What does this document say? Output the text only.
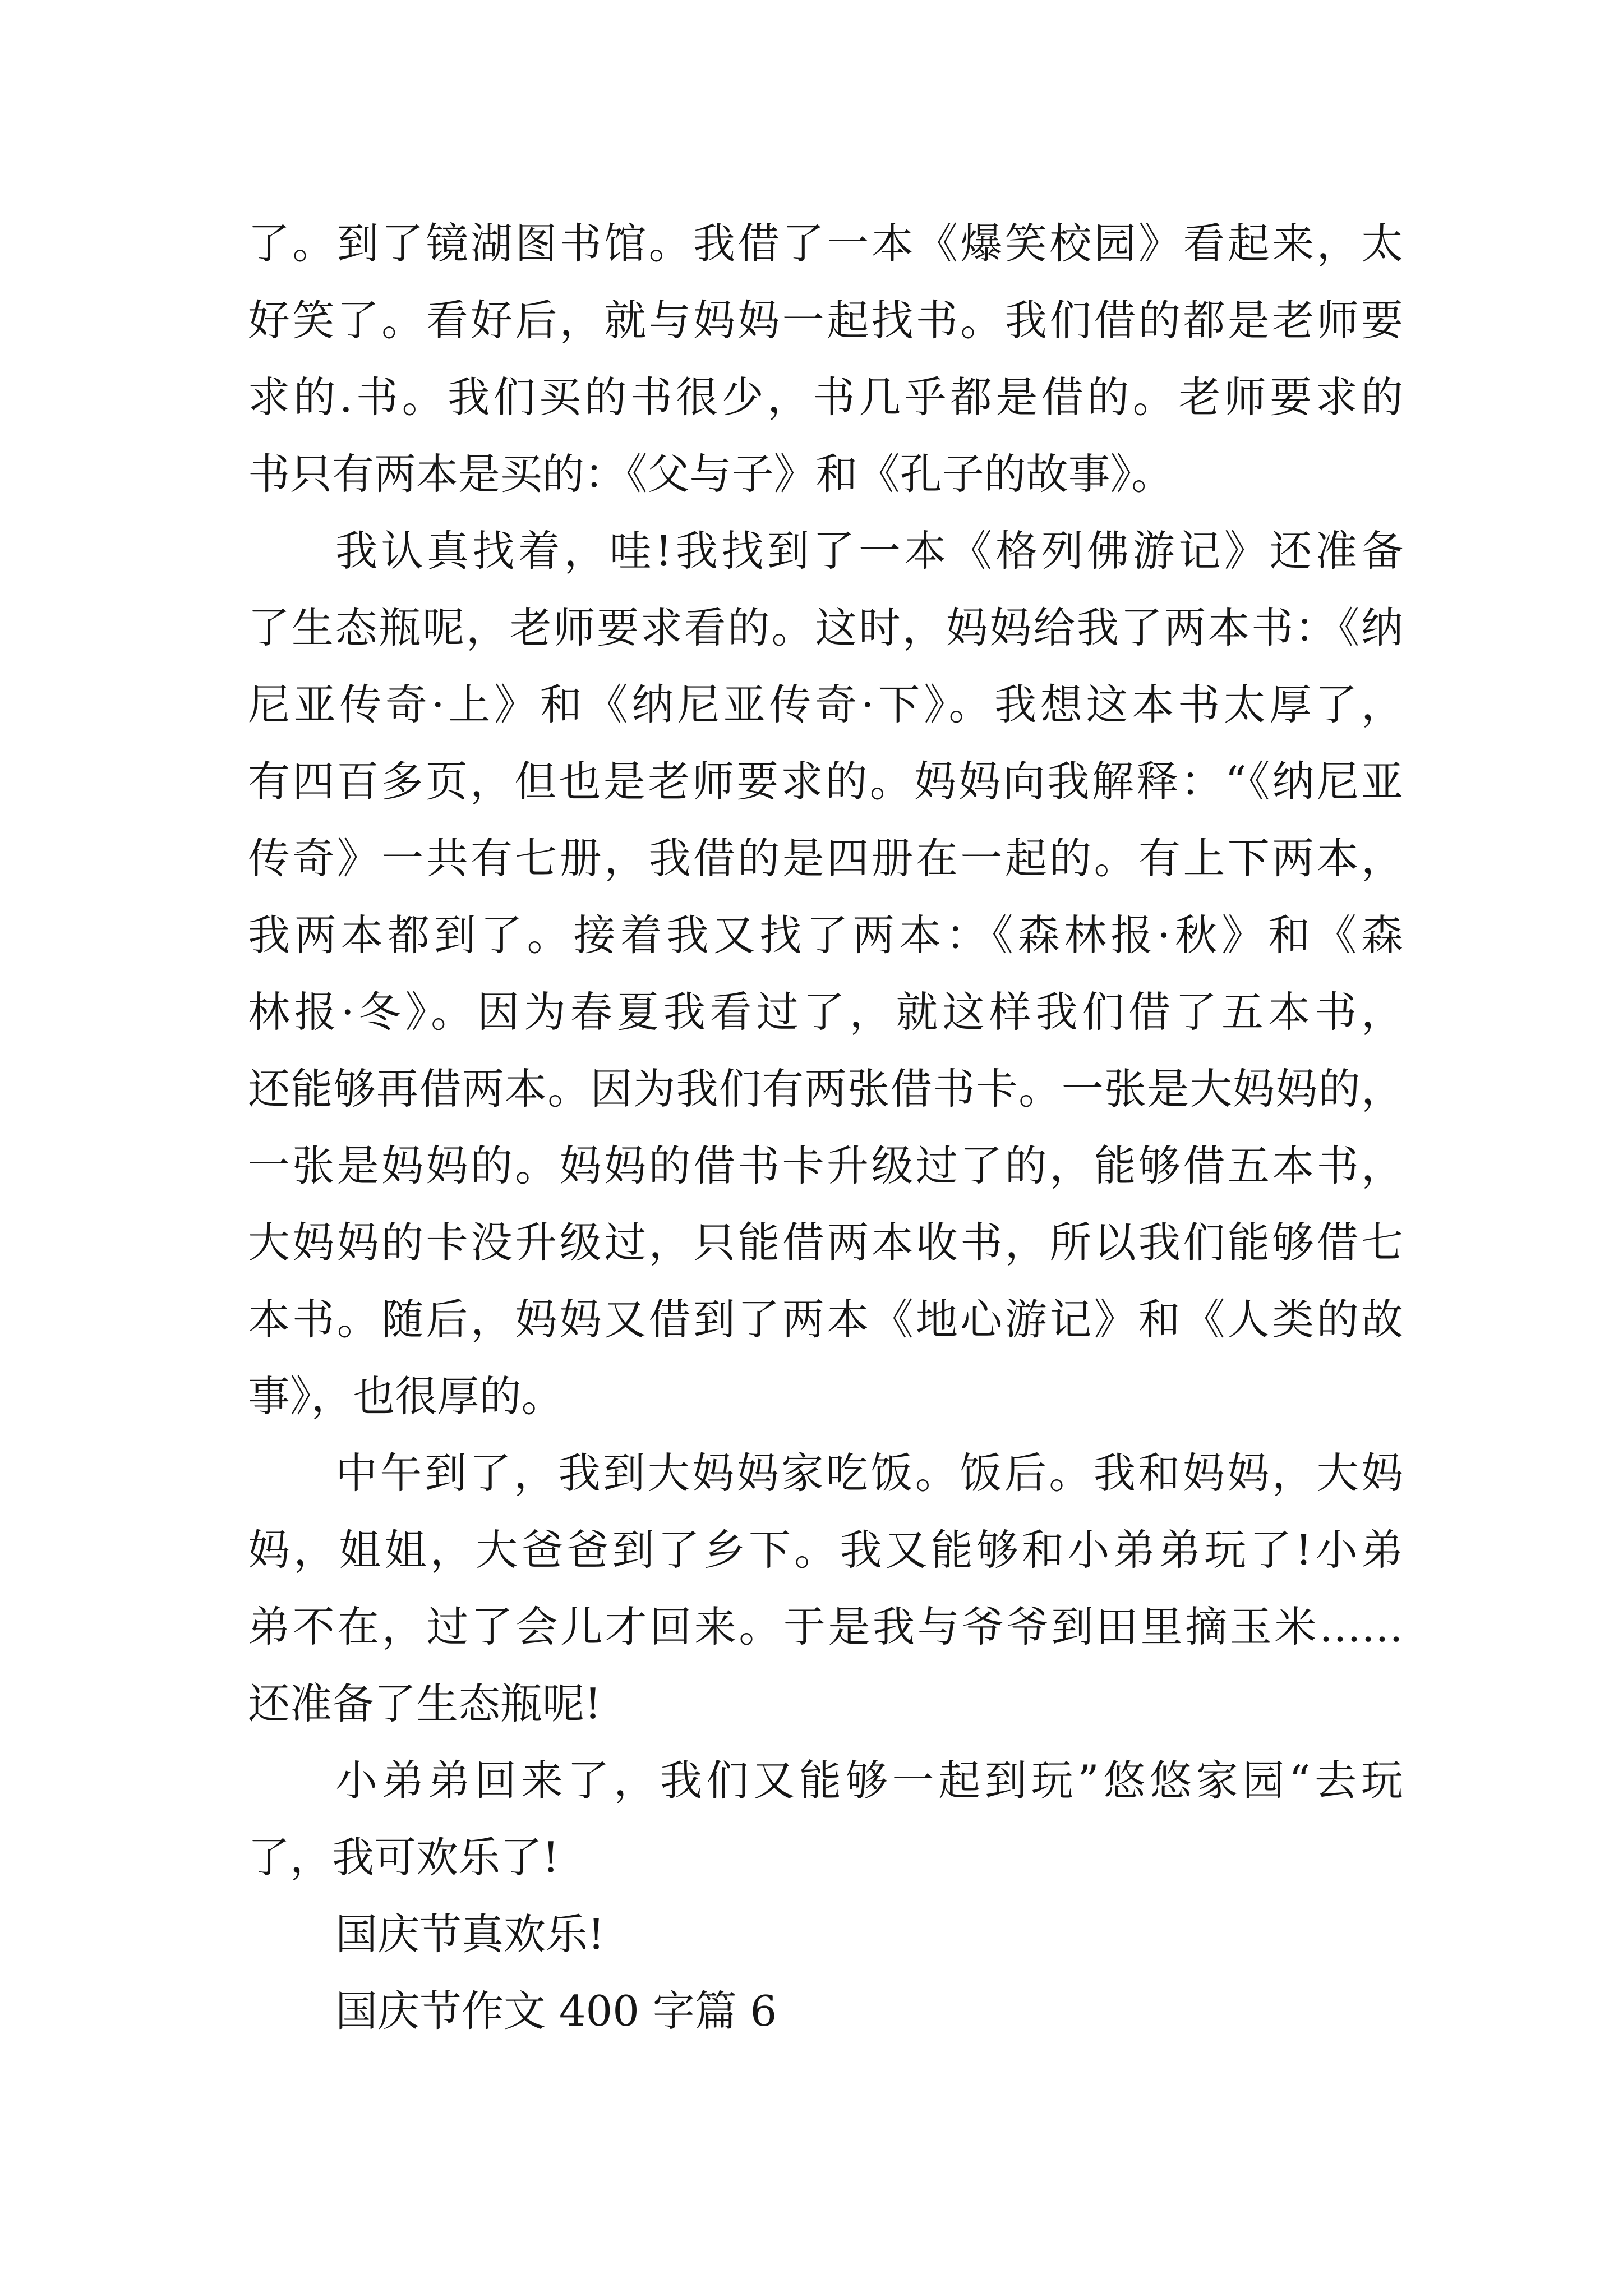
了。到了镜湖图书馆。我借了一本《爆笑校园》看起来，太
好笑了。看好后，就与妈妈一起找书。我们借的都是老师要
求的.书。我们买的书很少，书几乎都是借的。老师要求的
书只有两本是买的：《父与子》和《孔子的故事》。
我认真找着，哇!我找到了一本《格列佛游记》还准备
了生态瓶呢，老师要求看的。这时，妈妈给我了两本书：《纳
尼亚传奇·上》和《纳尼亚传奇·下》。我想这本书太厚了，
有四百多页，但也是老师要求的。妈妈向我解释：“《纳尼亚
传奇》一共有七册，我借的是四册在一起的。有上下两本，
我两本都到了。接着我又找了两本：《森林报·秋》和《森
林报·冬》。因为春夏我看过了，就这样我们借了五本书，
还能够再借两本。因为我们有两张借书卡。一张是大妈妈的，
一张是妈妈的。妈妈的借书卡升级过了的，能够借五本书，
大妈妈的卡没升级过，只能借两本收书，所以我们能够借七
本书。随后，妈妈又借到了两本《地心游记》和《人类的故
事》，也很厚的。
中午到了，我到大妈妈家吃饭。饭后。我和妈妈，大妈
妈，姐姐，大爸爸到了乡下。我又能够和小弟弟玩了!小弟
弟不在，过了会儿才回来。于是我与爷爷到田里摘玉米……
还准备了生态瓶呢!
小弟弟回来了，我们又能够一起到玩”悠悠家园“去玩
了，我可欢乐了!
国庆节真欢乐!
国庆节作文 400 字篇 6
